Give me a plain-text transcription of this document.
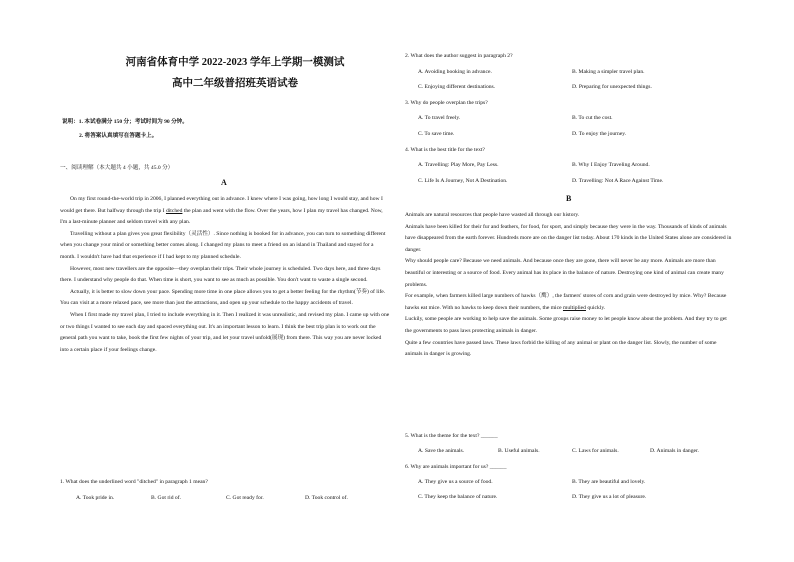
河南省体育中学 2022-2023 学年上学期一模测试
高中二年级普招班英语试卷
说明：1. 本试卷满分 150 分；考试时间为 90 分钟。
2. 将答案认真填写在答题卡上。
一、阅读理解（本大题共 4 小题，共 45.0 分）
A

On my first round-the-world trip in 2006, I planned everything out in advance. I knew where I was going, how long I would stay, and how I would get there. But halfway through the trip I ditched the plan and went with the flow. Over the years, how I plan my travel has changed. Now, I'm a last-minute planner and seldom travel with any plan.

Travelling without a plan gives you great flexibility（灵活性）. Since nothing is booked for in advance, you can turn to something different when you change your mind or something better comes along. I changed my plans to meet a friend on an island in Thailand and stayed for a month. I wouldn't have had that experience if I had kept to my planned schedule.

However, most new travellers are the opposite—they overplan their trips. Their whole journey is scheduled. Two days here, and three days there. I understand why people do that. When time is short, you want to see as much as possible. You don't want to waste a single second.

Actually, it is better to slow down your pace. Spending more time in one place allows you to get a better feeling for the rhythm(节奏) of life. You can visit at a more relaxed pace, see more than just the attractions, and open up your schedule to the happy accidents of travel.

When I first made my travel plan, I tried to include everything in it. Then I realized it was unrealistic, and revised my plan. I came up with one or two things I wanted to see each day and spaced everything out. It's an important lesson to learn. I think the best trip plan is to work out the general path you want to take, book the first few nights of your trip, and let your travel unfold(展现) from there. This way you are never locked into a certain place if your feelings change.

1. What does the underlined word "ditched" in paragraph 1 mean?
A. Took pride in.	B. Got rid of.	C. Got ready for.	D. Took control of.
2. What does the author suggest in paragraph 2?
A. Avoiding booking in advance.	B. Making a simpler travel plan.
C. Enjoying different destinations.	D. Preparing for unexpected things.
3. Why do people overplan the trips?
A. To travel freely.	B. To cut the cost.
C. To save time.	D. To enjoy the journey.
4. What is the best title for the text?
A. Travelling: Play More, Pay Less.	B. Why I Enjoy Traveling Around.
C. Life Is A Journey, Not A Destination.	D. Travelling: Not A Race Against Time.
B

Animals are natural resources that people have wasted all through our history.

Animals have been killed for their fur and feathers, for food, for sport, and simply because they were in the way. Thousands of kinds of animals have disappeared from the earth forever. Hundreds more are on the danger list today. About 170 kinds in the United States alone are considered in danger.

Why should people care? Because we need animals. And because once they are gone, there will never be any more. Animals are more than beautiful or interesting or a source of food. Every animal has its place in the balance of nature. Destroying one kind of animal can create many problems.

For example, when farmers killed large numbers of hawks（鹰）, the farmers' stores of corn and grain were destroyed by mice. Why? Because hawks eat mice. With no hawks to keep down their numbers, the mice multiplied quickly.

Luckily, some people are working to help save the animals. Some groups raise money to let people know about the problem. And they try to get the governments to pass laws protecting animals in danger.

Quite a few countries have passed laws. These laws forbid the killing of any animal or plant on the danger list. Slowly, the number of some animals in danger is growing.

5. What is the theme for the text? ______
A. Save the animals.	B. Useful animals.	C. Laws for animals.	D. Animals in danger.
6. Why are animals important for us? ______
A. They give us a source of food.	B. They are beautiful and lovely.
C. They keep the balance of nature.	D. They give us a lot of pleasure.
